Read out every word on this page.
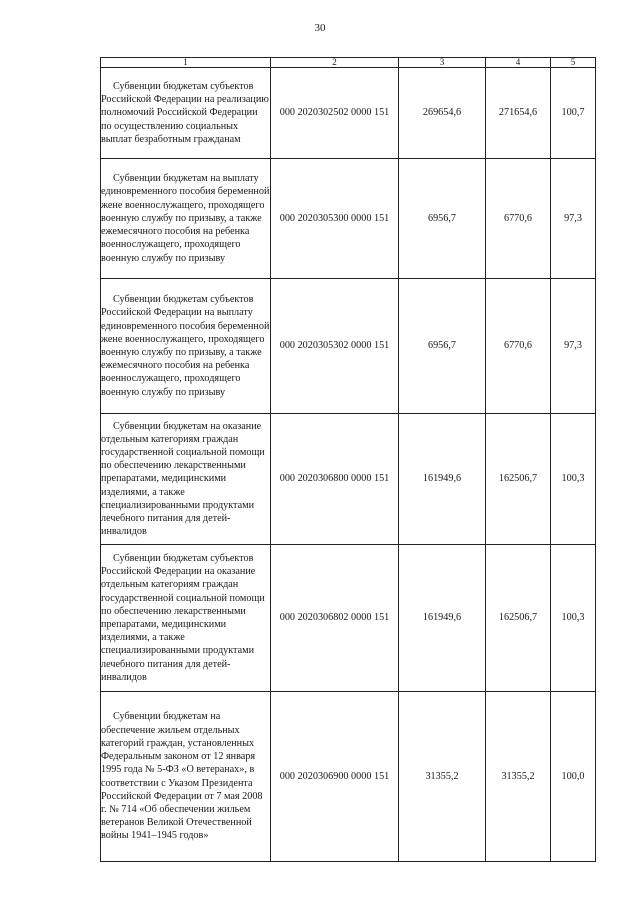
30
1	2	3	4	5
Субвенции бюджетам субъектов Российской Федерации на реализацию полномочий Российской Федерации по осуществлению социальных выплат безработным гражданам	000 2020302502 0000 151	269654,6	271654,6	100,7
Субвенции бюджетам на выплату единовременного пособия беременной жене военнослужащего, проходящего военную службу по призыву, а также ежемесячного пособия на ребенка военнослужащего, проходящего военную службу по призыву	000 2020305300 0000 151	6956,7	6770,6	97,3
Субвенции бюджетам субъектов Российской Федерации на выплату единовременного пособия беременной жене военнослужащего, проходящего военную службу по призыву, а также ежемесячного пособия на ребенка военнослужащего, проходящего военную службу по призыву	000 2020305302 0000 151	6956,7	6770,6	97,3
Субвенции бюджетам на оказание отдельным категориям граждан государственной социальной помощи по обеспечению лекарственными препаратами, медицинскими изделиями, а также специализированными продуктами лечебного питания для детей-инвалидов	000 2020306800 0000 151	161949,6	162506,7	100,3
Субвенции бюджетам субъектов Российской Федерации на оказание отдельным категориям граждан государственной социальной помощи по обеспечению лекарственными препаратами, медицинскими изделиями, а также специализированными продуктами лечебного питания для детей-инвалидов	000 2020306802 0000 151	161949,6	162506,7	100,3
Субвенции бюджетам на обеспечение жильем отдельных категорий граждан, установленных Федеральным законом от 12 января 1995 года № 5-ФЗ «О ветеранах», в соответствии с Указом Президента Российской Федерации от 7 мая 2008 г. № 714 «Об обеспечении жильем ветеранов Великой Отечественной войны 1941–1945 годов»	000 2020306900 0000 151	31355,2	31355,2	100,0
